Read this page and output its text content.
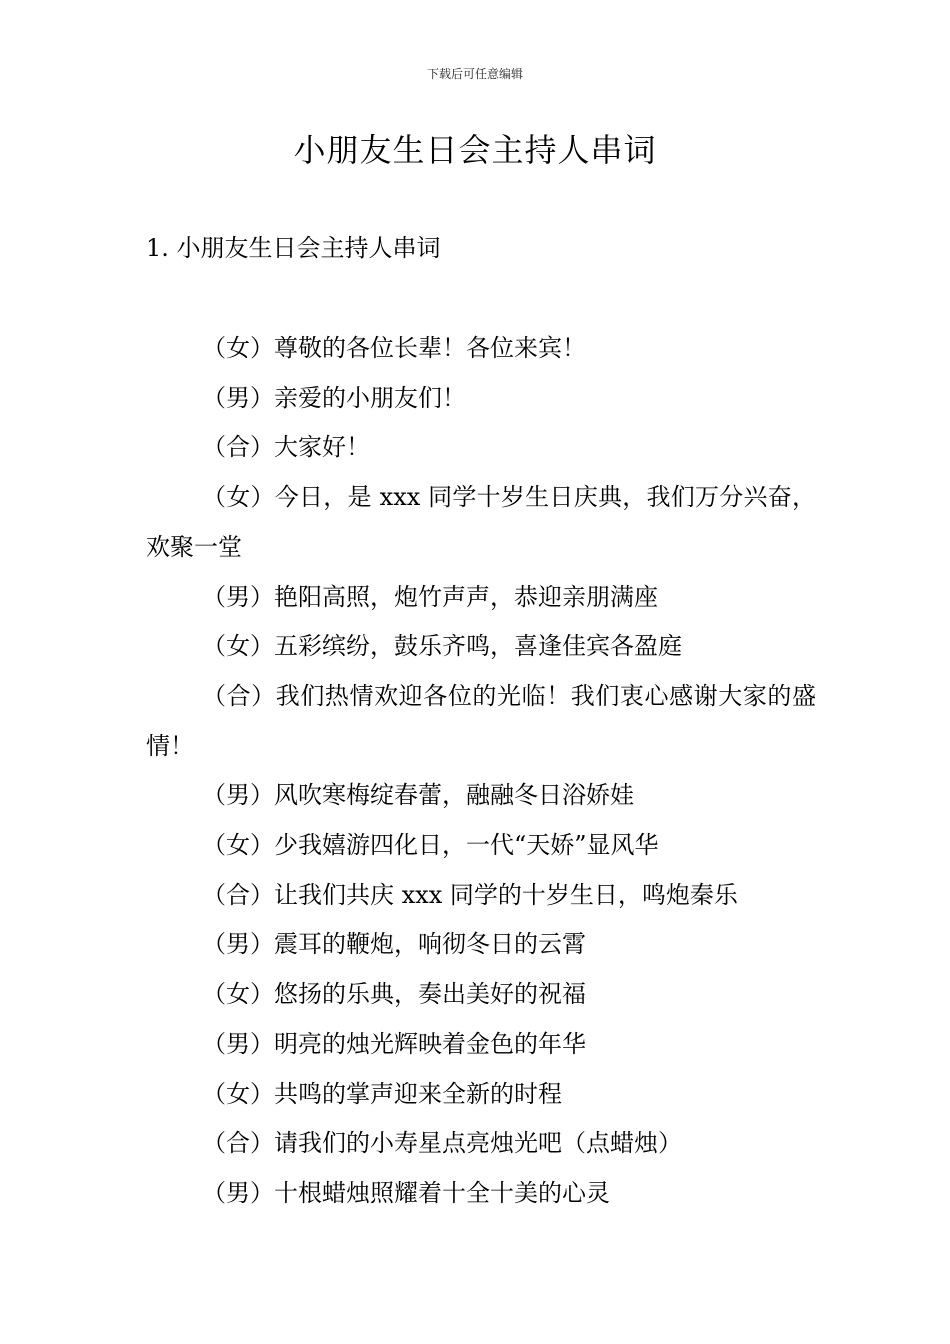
下载后可任意编辑
小朋友生日会主持人串词
1. 小朋友生日会主持人串词

（女）尊敬的各位长辈！各位来宾！

（男）亲爱的小朋友们！

（合）大家好！

（女）今日，是 xxx 同学十岁生日庆典，我们万分兴奋，欢聚一堂

（男）艳阳高照，炮竹声声，恭迎亲朋满座

（女）五彩缤纷，鼓乐齐鸣，喜逢佳宾各盈庭

（合）我们热情欢迎各位的光临！我们衷心感谢大家的盛情！

（男）风吹寒梅绽春蕾，融融冬日浴娇娃

（女）少我嬉游四化日，一代“天娇”显风华

（合）让我们共庆 xxx 同学的十岁生日，鸣炮秦乐

（男）震耳的鞭炮，响彻冬日的云霄

（女）悠扬的乐典，奏出美好的祝福

（男）明亮的烛光辉映着金色的年华

（女）共鸣的掌声迎来全新的时程

（合）请我们的小寿星点亮烛光吧（点蜡烛）

（男）十根蜡烛照耀着十全十美的心灵
